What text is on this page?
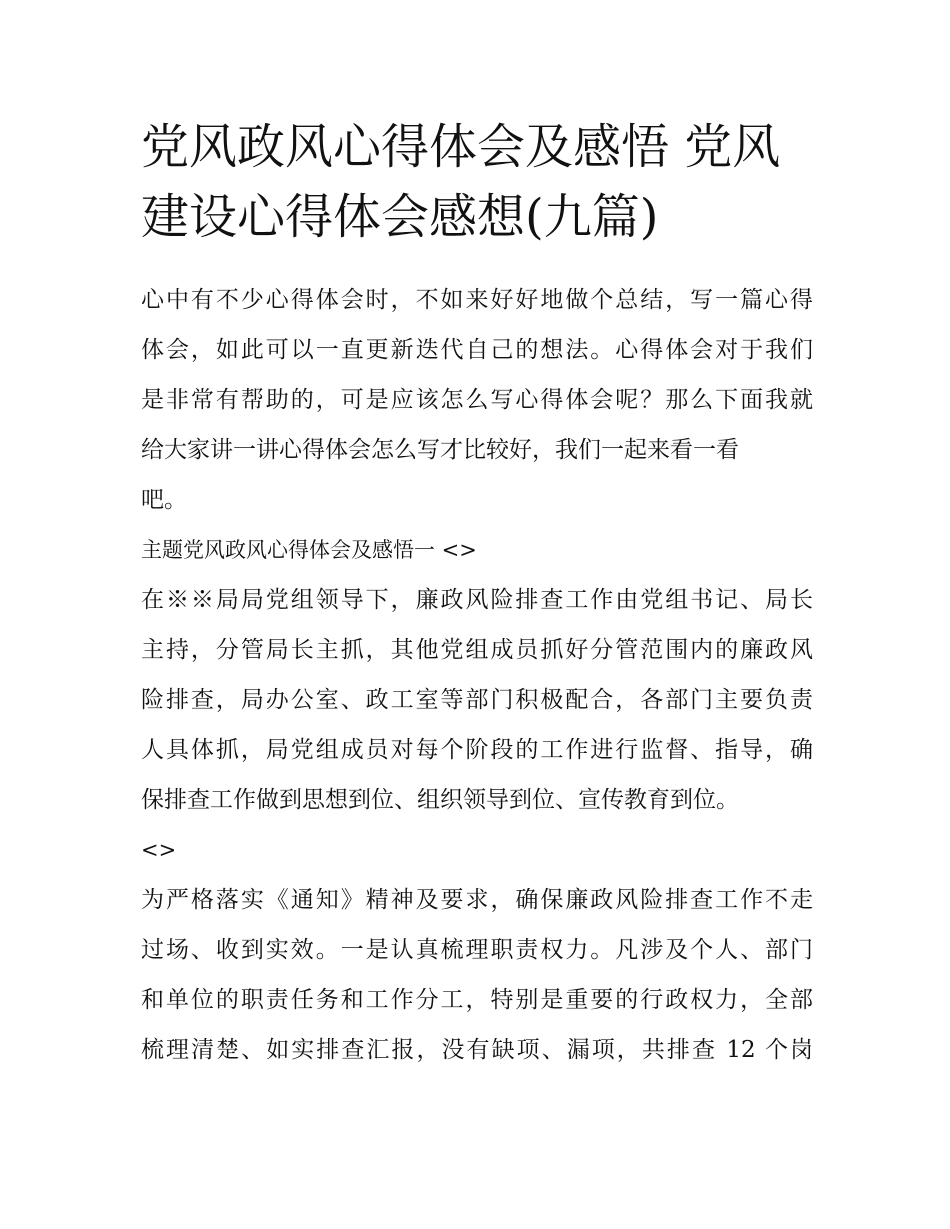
党风政风心得体会及感悟 党风
建设心得体会感想(九篇)
心中有不少心得体会时，不如来好好地做个总结，写一篇心得
体会，如此可以一直更新迭代自己的想法。心得体会对于我们
是非常有帮助的，可是应该怎么写心得体会呢？那么下面我就
给大家讲一讲心得体会怎么写才比较好，我们一起来看一看
吧。
主题党风政风心得体会及感悟一 <>
在※※局局党组领导下，廉政风险排查工作由党组书记、局长
主持，分管局长主抓，其他党组成员抓好分管范围内的廉政风
险排查，局办公室、政工室等部门积极配合，各部门主要负责
人具体抓，局党组成员对每个阶段的工作进行监督、指导，确
保排查工作做到思想到位、组织领导到位、宣传教育到位。
<>
为严格落实《通知》精神及要求，确保廉政风险排查工作不走
过场、收到实效。一是认真梳理职责权力。凡涉及个人、部门
和单位的职责任务和工作分工，特别是重要的行政权力，全部
梳理清楚、如实排查汇报，没有缺项、漏项，共排查 12 个岗
